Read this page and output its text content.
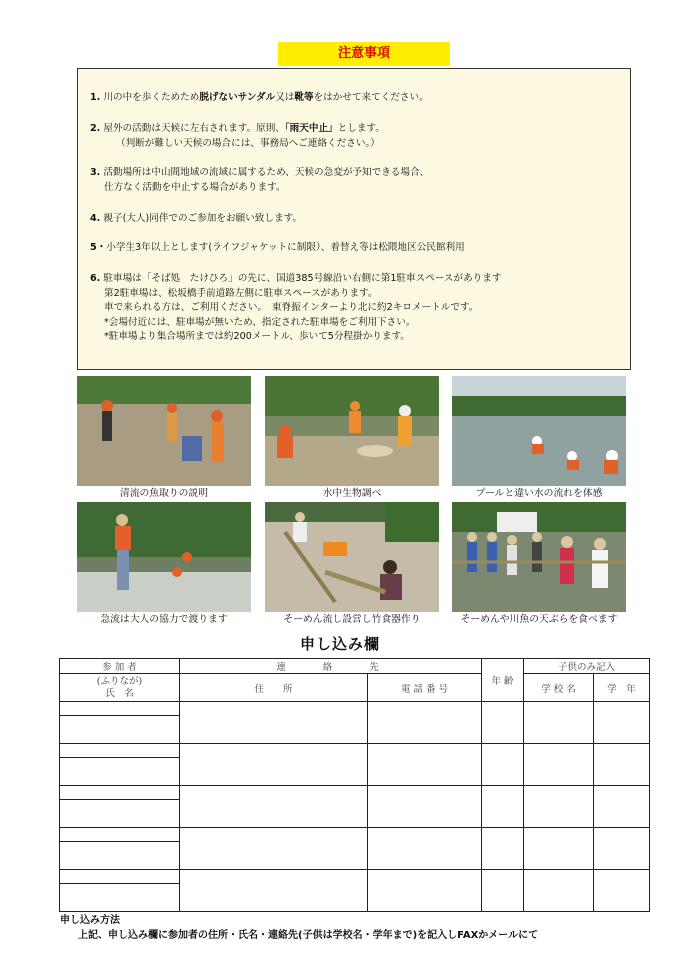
注意事項
1. 川の中を歩くためため脱げないサンダル又は靴等をはかせて来てください。
2. 屋外の活動は天候に左右されます。原則、「雨天中止」とします。
（判断が難しい天候の場合には、事務局へご連絡ください。）
3. 活動場所は中山間地域の流域に属するため、天候の急変が予知できる場合、
仕方なく活動を中止する場合があります。
4. 親子(大人)同伴でのご参加をお願い致します。
5・小学生3年以上とします(ライフジャケットに制限）、着替え等は松隈地区公民館利用
6. 駐車場は「そば処　たけひろ」の先に、国道385号線沿い右側に第1駐車スペースがあります
第2駐車場は、松坂橋手前道路左側に駐車スペースがあります。
車で来られる方は、ご利用ください。　東脊振インターより北に約2キロメートルです。
*会場付近には、駐車場が無いため、指定された駐車場をご利用下さい。
*駐車場より集合場所までは約200メートル、歩いて5分程掛かります。
清流の魚取りの説明	水中生物調べ	プールと違い水の流れを体感
急流は大人の協力で渡ります	そーめん流し設営し竹食器作り	そーめんや川魚の天ぷらを食べます
申し込み欄
参 加 者	連　　絡　　先		年 齢	子供のみ記入	

(ふりなが)
氏　名	住　　所	電 話 番 号		学 校 名	学　年

申し込み方法
上記、申し込み欄に参加者の住所・氏名・連絡先(子供は学校名・学年まで)を記入しFAXかメールにて
